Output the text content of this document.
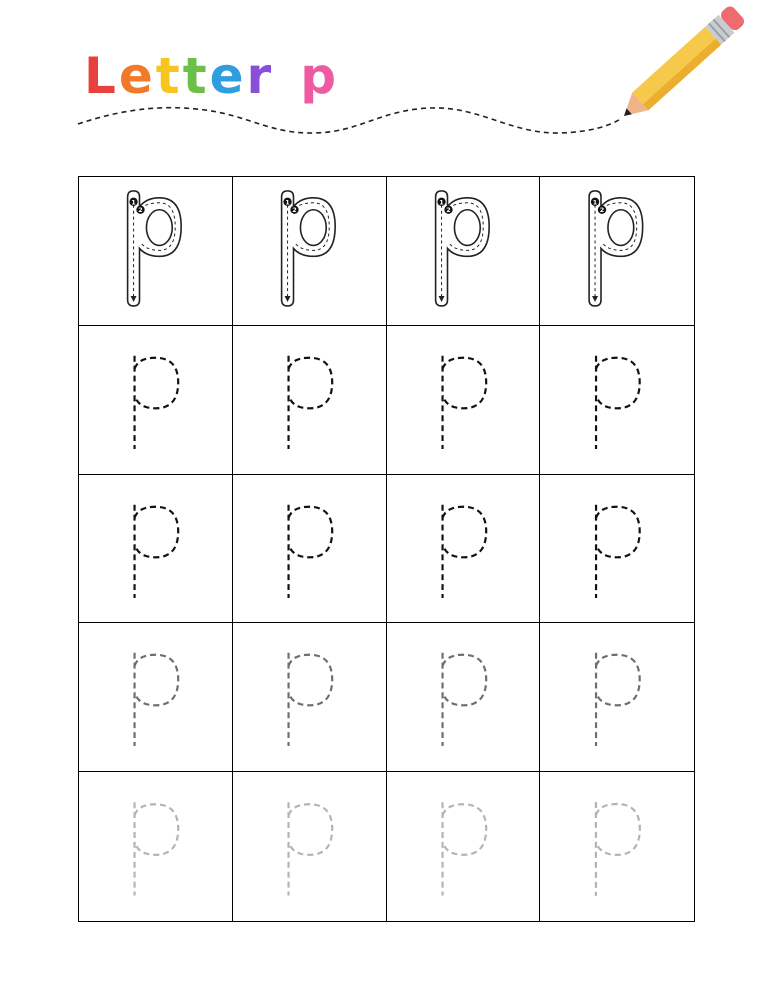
Letter p
1
2
1
2
1
2
1
2
